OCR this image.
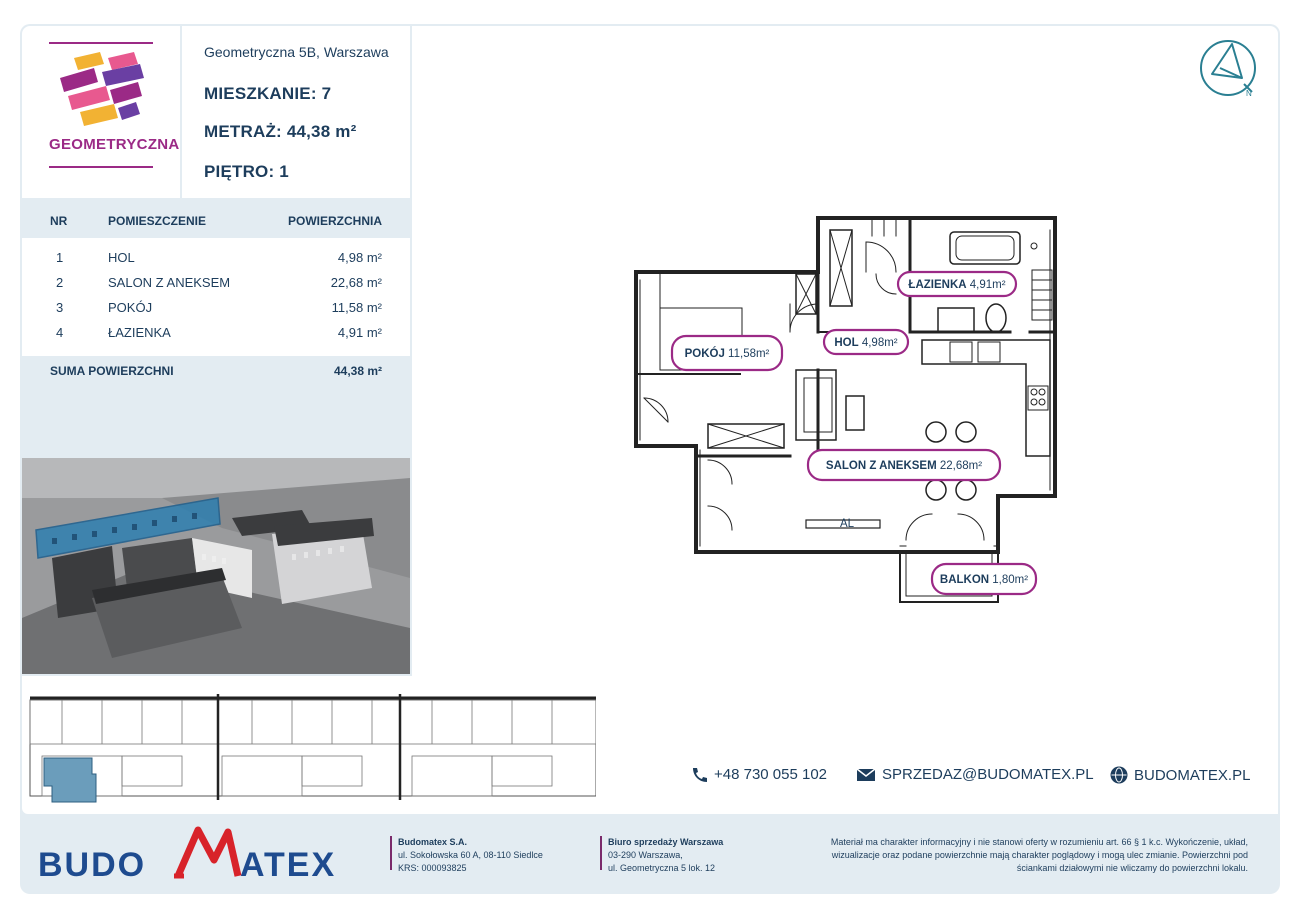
GEOMETRYCZNA
Geometryczna 5B, Warszawa
MIESZKANIE: 7
METRAŻ: 44,38 m²
PIĘTRO: 1
NR	POMIESZCZENIE	POWIERZCHNIA
1	HOL	4,98 m²
2	SALON Z ANEKSEM	22,68 m²
3	POKÓJ	11,58 m²
4	ŁAZIENKA	4,91 m²
SUMA POWIERZCHNI	44,38 m²
N
AL
ŁAZIENKA 4,91m²
HOL 4,98m²
POKÓJ 11,58m²
SALON Z ANEKSEM 22,68m²
BALKON 1,80m²
+48 730 055 102	SPRZEDAZ@BUDOMATEX.PL	BUDOMATEX.PL
BUDO	ATEX
Budomatex S.A.
ul. Sokołowska 60 A, 08-110 Siedlce
KRS: 000093825
Biuro sprzedaży Warszawa
03-290 Warszawa,
ul. Geometryczna 5 lok. 12
Materiał ma charakter informacyjny i nie stanowi oferty w rozumieniu art. 66 § 1 k.c. Wykończenie, układ,
wizualizacje oraz podane powierzchnie mają charakter poglądowy i mogą ulec zmianie. Powierzchni pod
ściankami działowymi nie wliczamy do powierzchni lokalu.
